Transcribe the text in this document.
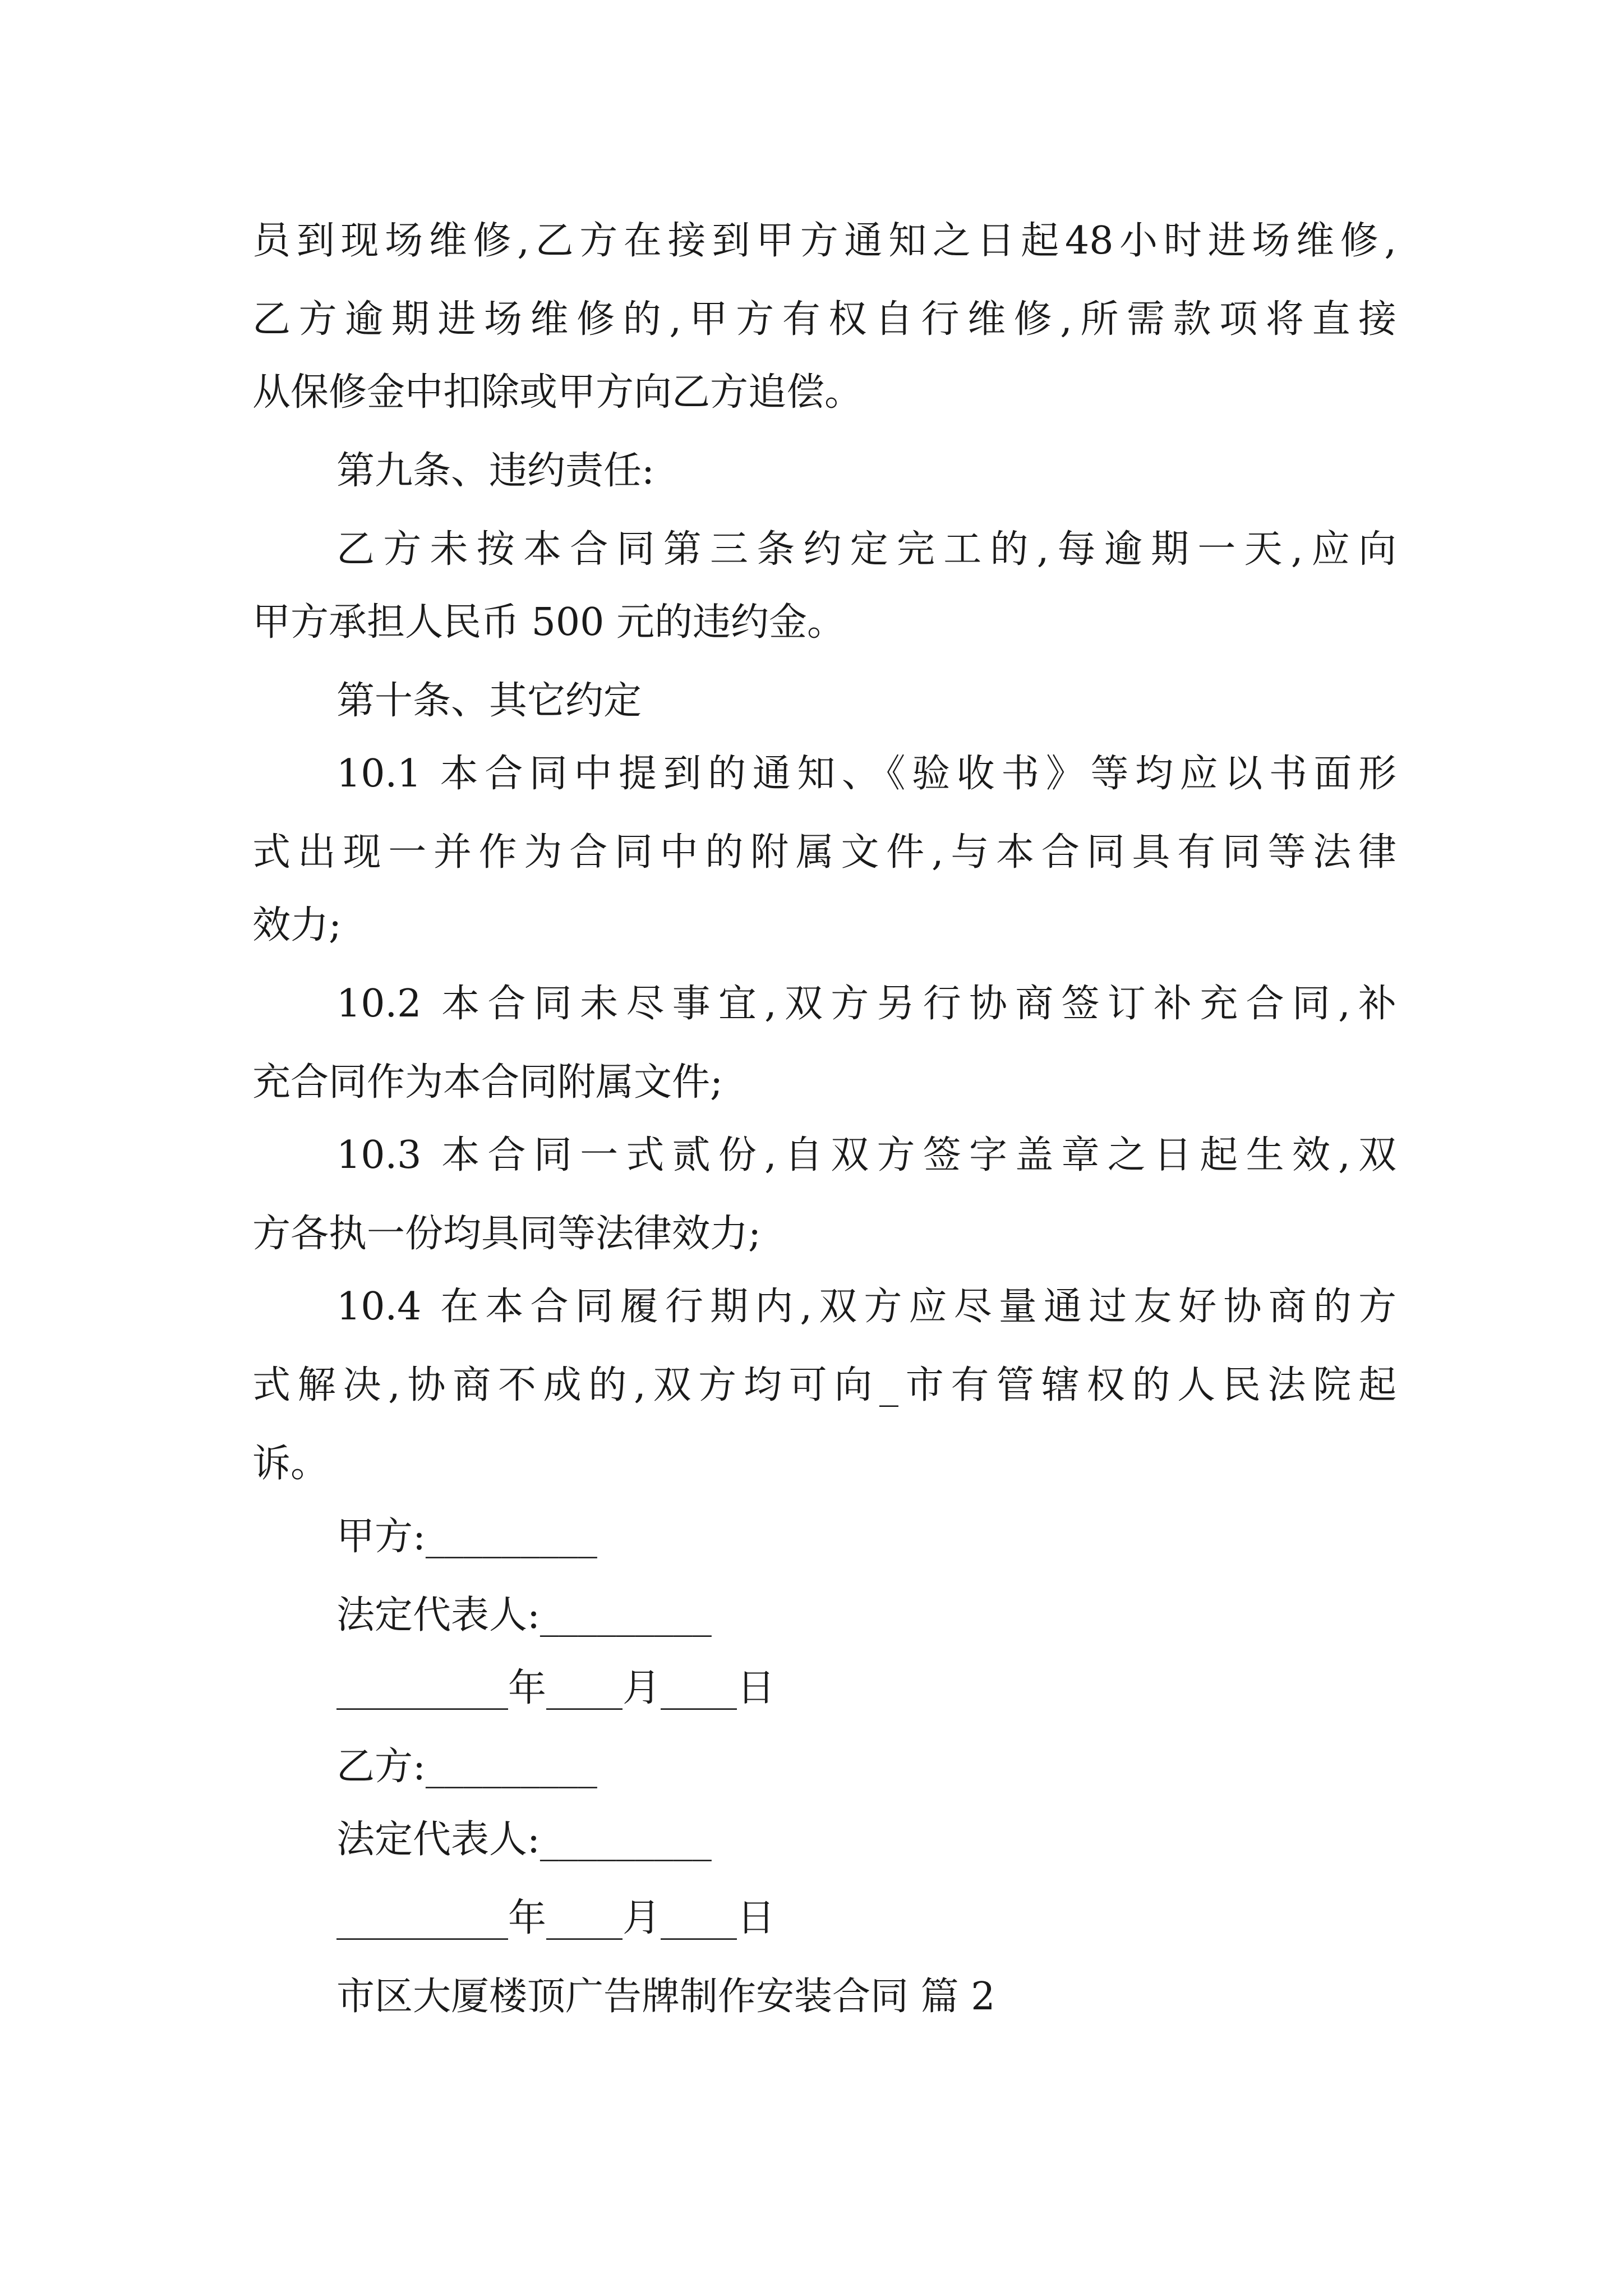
员到现场维修,乙方在接到甲方通知之日起48小时进场维修,
乙方逾期进场维修的,甲方有权自行维修,所需款项将直接
从保修金中扣除或甲方向乙方追偿。
第九条、违约责任:
乙方未按本合同第三条约定完工的,每逾期一天,应向
甲方承担人民币 500 元的违约金。
第十条、其它约定
10.1 本合同中提到的通知、《验收书》等均应以书面形
式出现一并作为合同中的附属文件,与本合同具有同等法律
效力;
10.2 本合同未尽事宜,双方另行协商签订补充合同,补
充合同作为本合同附属文件;
10.3 本合同一式贰份,自双方签字盖章之日起生效,双
方各执一份均具同等法律效力;
10.4 在本合同履行期内,双方应尽量通过友好协商的方
式解决,协商不成的,双方均可向_市有管辖权的人民法院起
诉。
甲方:_________
法定代表人:_________
_________年____月____日
乙方:_________
法定代表人:_________
_________年____月____日
市区大厦楼顶广告牌制作安装合同 篇 2
